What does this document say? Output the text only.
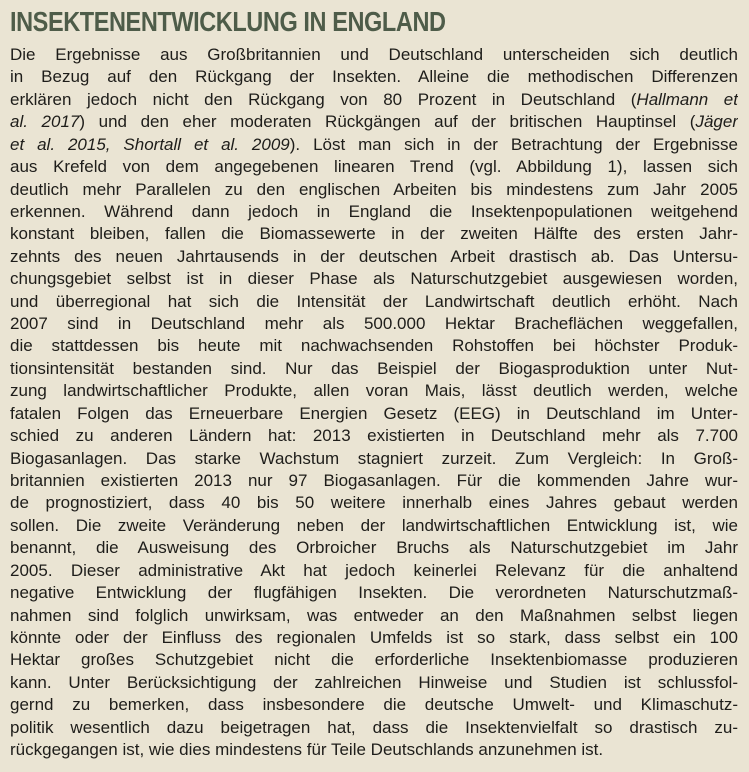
INSEKTENENTWICKLUNG IN ENGLAND
Die Ergebnisse aus Großbritannien und Deutschland unterscheiden sich deutlich
in Bezug auf den Rückgang der Insekten. Alleine die methodischen Differenzen
erklären jedoch nicht den Rückgang von 80 Prozent in Deutschland (Hallmann et
al. 2017) und den eher moderaten Rückgängen auf der britischen Hauptinsel (Jäger
et al. 2015, Shortall et al. 2009). Löst man sich in der Betrachtung der Ergebnisse
aus Krefeld von dem angegebenen linearen Trend (vgl. Abbildung 1), lassen sich
deutlich mehr Parallelen zu den englischen Arbeiten bis mindestens zum Jahr 2005
erkennen. Während dann jedoch in England die Insektenpopulationen weitgehend
konstant bleiben, fallen die Biomassewerte in der zweiten Hälfte des ersten Jahr-
zehnts des neuen Jahrtausends in der deutschen Arbeit drastisch ab. Das Untersu-
chungsgebiet selbst ist in dieser Phase als Naturschutzgebiet ausgewiesen worden,
und überregional hat sich die Intensität der Landwirtschaft deutlich erhöht. Nach
2007 sind in Deutschland mehr als 500.000 Hektar Bracheflächen weggefallen,
die stattdessen bis heute mit nachwachsenden Rohstoffen bei höchster Produk-
tionsintensität bestanden sind. Nur das Beispiel der Biogasproduktion unter Nut-
zung landwirtschaftlicher Produkte, allen voran Mais, lässt deutlich werden, welche
fatalen Folgen das Erneuerbare Energien Gesetz (EEG) in Deutschland im Unter-
schied zu anderen Ländern hat: 2013 existierten in Deutschland mehr als 7.700
Biogasanlagen. Das starke Wachstum stagniert zurzeit. Zum Vergleich: In Groß-
britannien existierten 2013 nur 97 Biogasanlagen. Für die kommenden Jahre wur-
de prognostiziert, dass 40 bis 50 weitere innerhalb eines Jahres gebaut werden
sollen. Die zweite Veränderung neben der landwirtschaftlichen Entwicklung ist, wie
benannt, die Ausweisung des Orbroicher Bruchs als Naturschutzgebiet im Jahr
2005. Dieser administrative Akt hat jedoch keinerlei Relevanz für die anhaltend
negative Entwicklung der flugfähigen Insekten. Die verordneten Naturschutzmaß-
nahmen sind folglich unwirksam, was entweder an den Maßnahmen selbst liegen
könnte oder der Einfluss des regionalen Umfelds ist so stark, dass selbst ein 100
Hektar großes Schutzgebiet nicht die erforderliche Insektenbiomasse produzieren
kann. Unter Berücksichtigung der zahlreichen Hinweise und Studien ist schlussfol-
gernd zu bemerken, dass insbesondere die deutsche Umwelt- und Klimaschutz-
politik wesentlich dazu beigetragen hat, dass die Insektenvielfalt so drastisch zu-
rückgegangen ist, wie dies mindestens für Teile Deutschlands anzunehmen ist.
